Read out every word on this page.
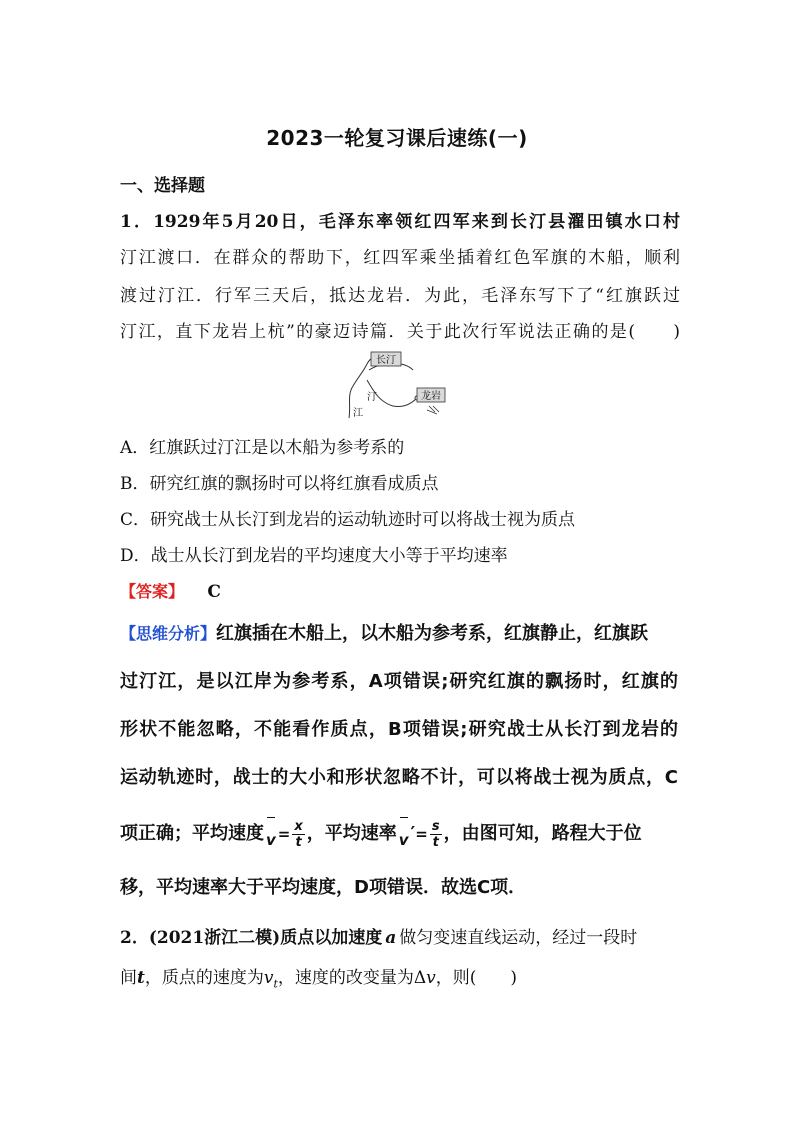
2023一轮复习课后速练(一)
一、选择题
1．1929年5月20日，毛泽东率领红四军来到长汀县濯田镇水口村
汀江渡口．在群众的帮助下，红四军乘坐插着红色军旗的木船，顺利
渡过汀江．行军三天后，抵达龙岩．为此，毛泽东写下了“红旗跃过
汀江，直下龙岩上杭”的豪迈诗篇．关于此次行军说法正确的是(　　)
长汀
龙岩
汀
江
A．红旗跃过汀江是以木船为参考系的
B．研究红旗的飘扬时可以将红旗看成质点
C．研究战士从长汀到龙岩的运动轨迹时可以将战士视为质点
D．战士从长汀到龙岩的平均速度大小等于平均速率
【答案】 C
【思维分析】红旗插在木船上，以木船为参考系，红旗静止，红旗跃
过汀江，是以江岸为参考系，A项错误;研究红旗的飘扬时，红旗的
形状不能忽略，不能看作质点，B项错误;研究战士从长汀到龙岩的
运动轨迹时，战士的大小和形状忽略不计，可以将战士视为质点，C
项正确；平均速度 $v = \frac{x}{t}$ ，平均速率 v ′= $\frac{s}{t}$ ，由图可知，路程大于位
移，平均速率大于平均速度，D项错误．故选C项．
2．(2021浙江二模)质点以加速度 a 做匀变速直线运动，经过一段时
间t，质点的速度为$v_t$，速度的改变量为Δv，则(　　)
